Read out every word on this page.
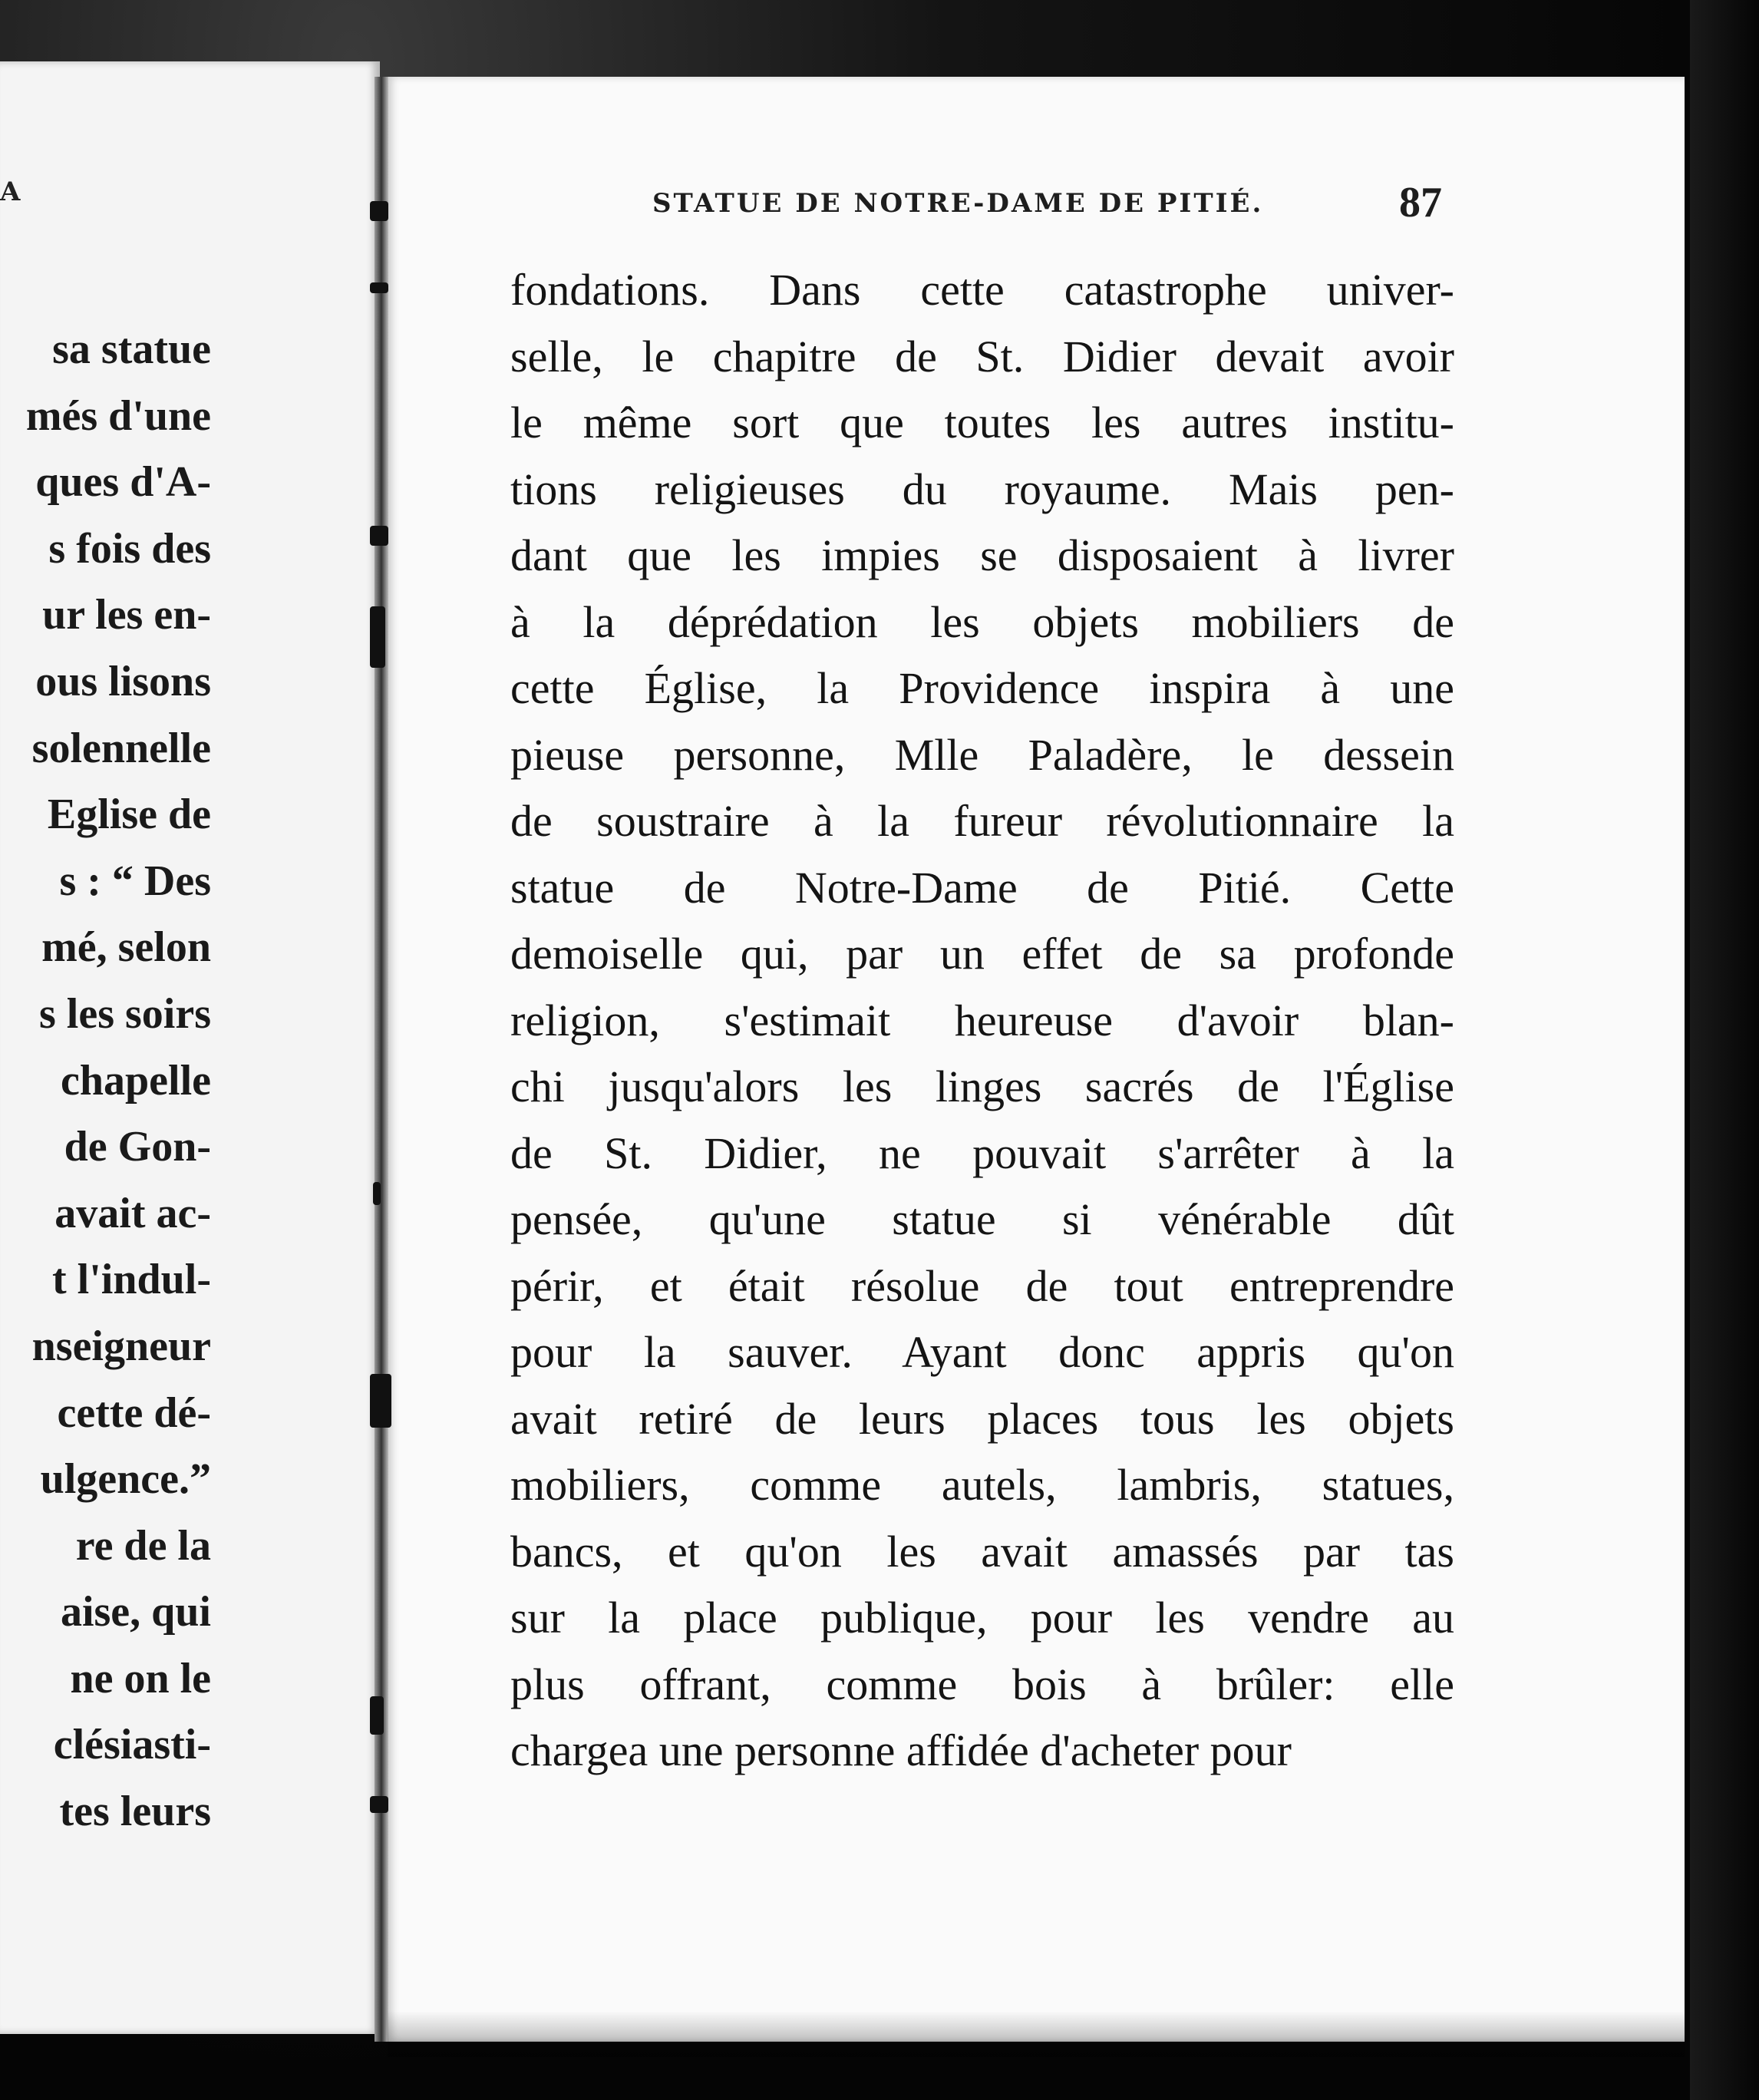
A
sa statue
més d'une
ques d'A-
s fois des
ur les en-
ous lisons
solennelle
Eglise de
s : “ Des
mé, selon
s les soirs
chapelle
de Gon-
avait ac-
t l'indul-
nseigneur
cette dé-
ulgence.”
re de la
aise, qui
ne on le
clésiasti-
tes leurs
STATUE DE NOTRE-DAME DE PITIÉ.	87
fondations. Dans cette catastrophe univer-
selle, le chapitre de St. Didier devait avoir
le même sort que toutes les autres institu-
tions religieuses du royaume. Mais pen-
dant que les impies se disposaient à livrer
à la déprédation les objets mobiliers de
cette Église, la Providence inspira à une
pieuse personne, Mlle Paladère, le dessein
de soustraire à la fureur révolutionnaire la
statue de Notre-Dame de Pitié. Cette
demoiselle qui, par un effet de sa profonde
religion, s'estimait heureuse d'avoir blan-
chi jusqu'alors les linges sacrés de l'Église
de St. Didier, ne pouvait s'arrêter à la
pensée, qu'une statue si vénérable dût
périr, et était résolue de tout entreprendre
pour la sauver. Ayant donc appris qu'on
avait retiré de leurs places tous les objets
mobiliers, comme autels, lambris, statues,
bancs, et qu'on les avait amassés par tas
sur la place publique, pour les vendre au
plus offrant, comme bois à brûler: elle
chargea une personne affidée d'acheter pour
